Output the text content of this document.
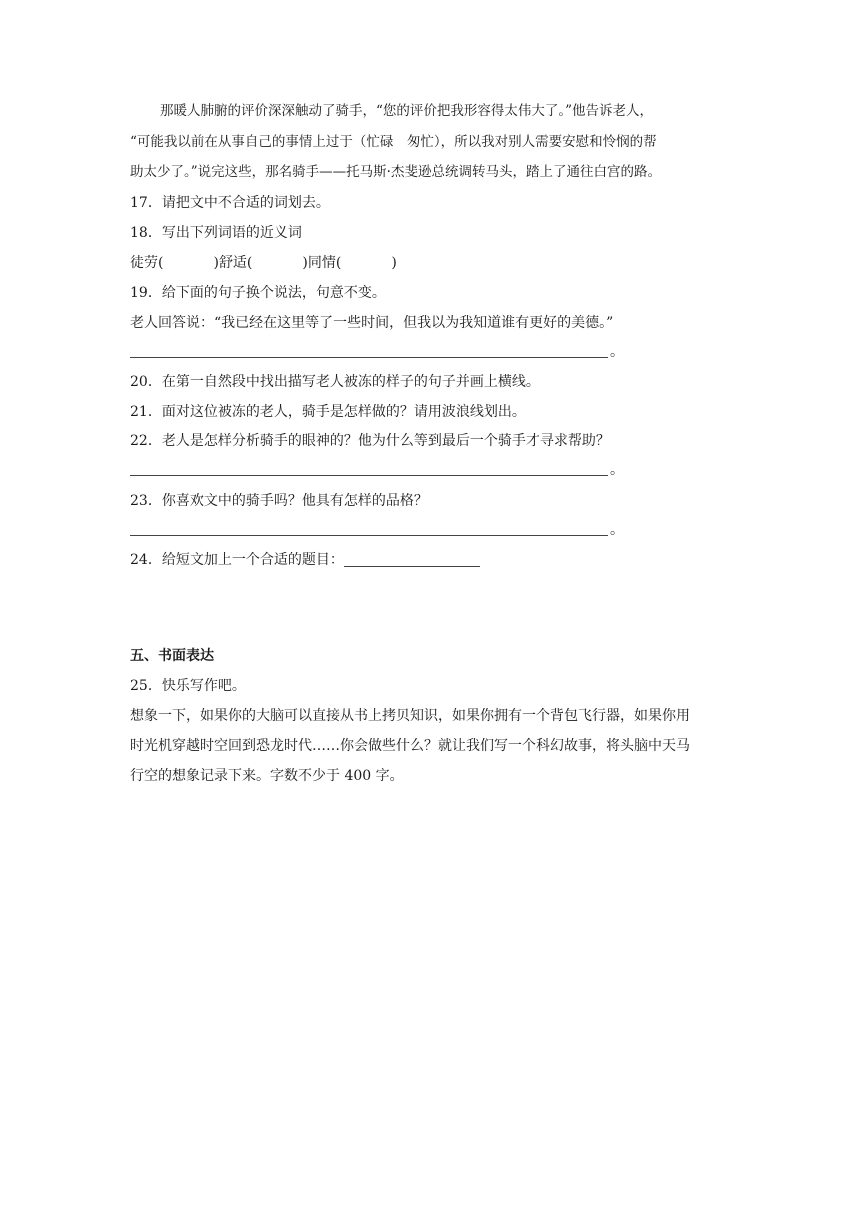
那暖人肺腑的评价深深触动了骑手，“您的评价把我形容得太伟大了。”他告诉老人，
“可能我以前在从事自己的事情上过于（忙碌　匆忙），所以我对别人需要安慰和怜悯的帮
助太少了。”说完这些，那名骑手——托马斯·杰斐逊总统调转马头，踏上了通往白宫的路。
17．请把文中不合适的词划去。
18．写出下列词语的近义词
徒劳(	)舒适(	)同情(	)
19．给下面的句子换个说法，句意不变。
老人回答说：“我已经在这里等了一些时间，但我以为我知道谁有更好的美德。”
。
20．在第一自然段中找出描写老人被冻的样子的句子并画上横线。
21．面对这位被冻的老人，骑手是怎样做的？请用波浪线划出。
22．老人是怎样分析骑手的眼神的？他为什么等到最后一个骑手才寻求帮助？
。
23．你喜欢文中的骑手吗？他具有怎样的品格？
。
24．给短文加上一个合适的题目：
五、书面表达
25．快乐写作吧。
想象一下，如果你的大脑可以直接从书上拷贝知识，如果你拥有一个背包飞行器，如果你用
时光机穿越时空回到恐龙时代……你会做些什么？就让我们写一个科幻故事，将头脑中天马
行空的想象记录下来。字数不少于 400 字。
